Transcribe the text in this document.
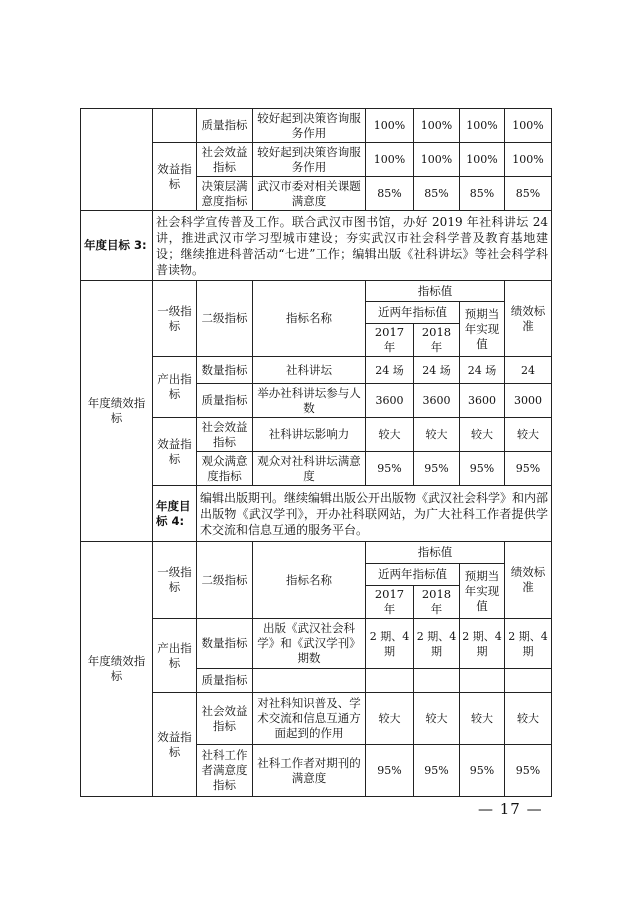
		质量指标	较好起到决策咨询服务作用	100%	100%	100%	100%
	效益指标	社会效益指标	较好起到决策咨询服务作用	100%	100%	100%	100%
		决策层满意度指标	武汉市委对相关课题满意度	85%	85%	85%	85%
年度目标 3:	社会科学宣传普及工作。联合武汉市图书馆，办好 2019 年社科讲坛 24 讲，推进武汉市学习型城市建设；夯实武汉市社会科学普及教育基地建设；继续推进科普活动“七进”工作；编辑出版《社科讲坛》等社会科学科普读物。						
年度绩效指标	一级指标	二级指标	指标名称	指标值			绩效标准
				近两年指标值		预期当年实现值	
				2017 年	2018 年		
	产出指标	数量指标	社科讲坛	24 场	24 场	24 场	24
		质量指标	举办社科讲坛参与人数	3600	3600	3600	3000
	效益指标	社会效益指标	社科讲坛影响力	较大	较大	较大	较大
		观众满意度指标	观众对社科讲坛满意度	95%	95%	95%	95%
	年度目标 4:	编辑出版期刊。继续编辑出版公开出版物《武汉社会科学》和内部出版物《武汉学刊》，开办社科联网站，为广大社科工作者提供学术交流和信息互通的服务平台。					
年度绩效指标	一级指标	二级指标	指标名称	指标值			绩效标准
				近两年指标值		预期当年实现值	
				2017 年	2018 年		
	产出指标	数量指标	出版《武汉社会科学》和《武汉学刊》期数	2 期、4 期	2 期、4 期	2 期、4 期	2 期、4 期
		质量指标					
	效益指标	社会效益指标	对社科知识普及、学术交流和信息互通方面起到的作用	较大	较大	较大	较大
		社科工作者满意度指标	社科工作者对期刊的满意度	95%	95%	95%	95%
— 17 —
